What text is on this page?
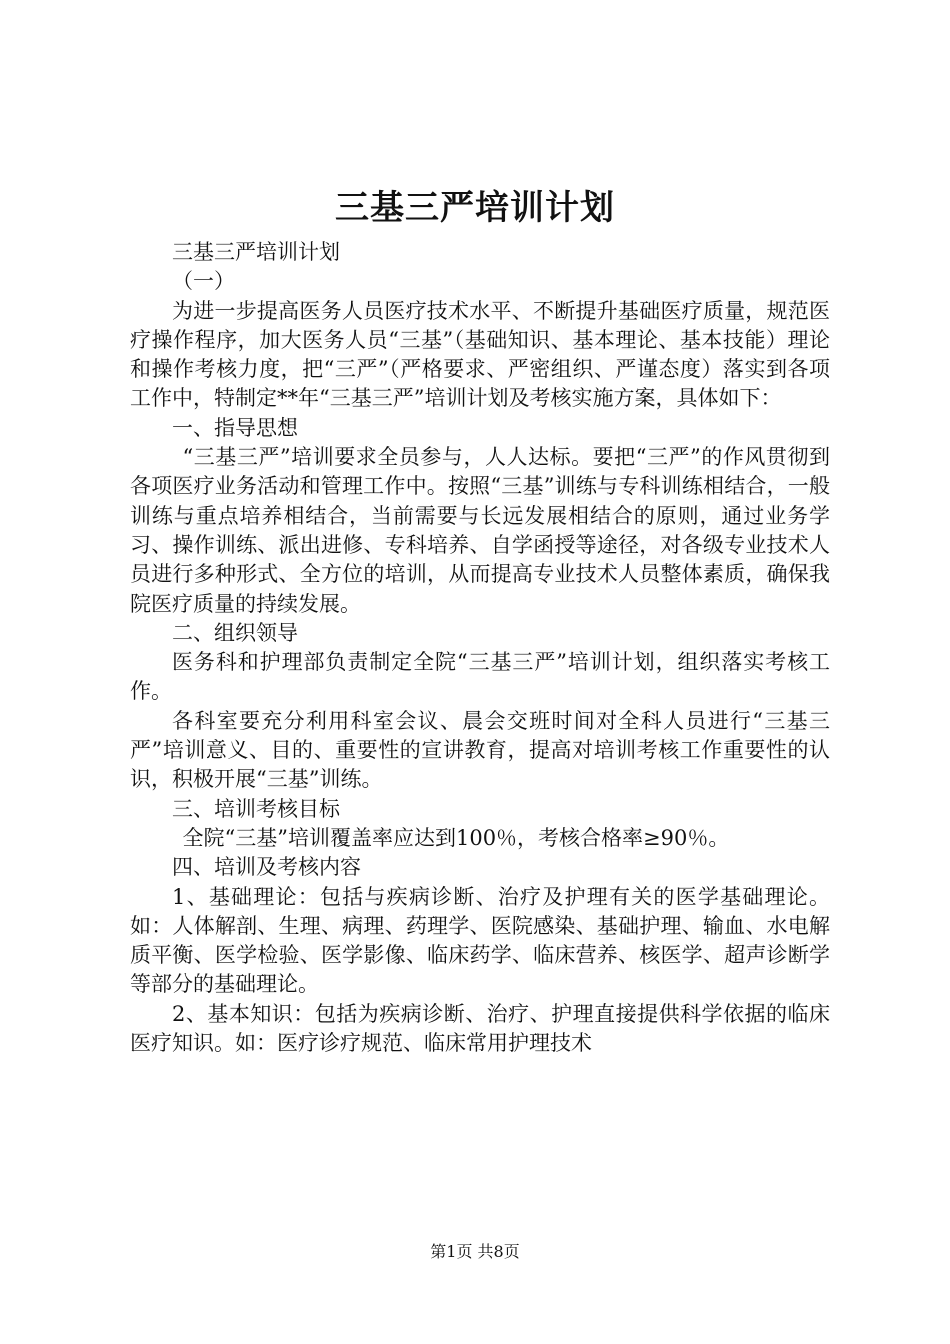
三基三严培训计划

三基三严培训计划

（一）

为进一步提高医务人员医疗技术水平、不断提升基础医疗质量，规范医疗操作程序，加大医务人员“三基”（基础知识、基本理论、基本技能）理论和操作考核力度，把“三严”（严格要求、严密组织、严谨态度）落实到各项工作中，特制定**年“三基三严”培训计划及考核实施方案，具体如下：

一、指导思想

“三基三严”培训要求全员参与，人人达标。要把“三严”的作风贯彻到各项医疗业务活动和管理工作中。按照“三基”训练与专科训练相结合，一般训练与重点培养相结合，当前需要与长远发展相结合的原则，通过业务学习、操作训练、派出进修、专科培养、自学函授等途径，对各级专业技术人员进行多种形式、全方位的培训，从而提高专业技术人员整体素质，确保我院医疗质量的持续发展。

二、组织领导

医务科和护理部负责制定全院“三基三严”培训计划，组织落实考核工作。

各科室要充分利用科室会议、晨会交班时间对全科人员进行“三基三严”培训意义、目的、重要性的宣讲教育，提高对培训考核工作重要性的认识，积极开展“三基”训练。

三、培训考核目标

全院“三基”培训覆盖率应达到100％，考核合格率≥90％。

四、培训及考核内容

1、基础理论：包括与疾病诊断、治疗及护理有关的医学基础理论。如：人体解剖、生理、病理、药理学、医院感染、基础护理、输血、水电解质平衡、医学检验、医学影像、临床药学、临床营养、核医学、超声诊断学等部分的基础理论。

2、基本知识：包括为疾病诊断、治疗、护理直接提供科学依据的临床医疗知识。如：医疗诊疗规范、临床常用护理技术

第1页 共8页
